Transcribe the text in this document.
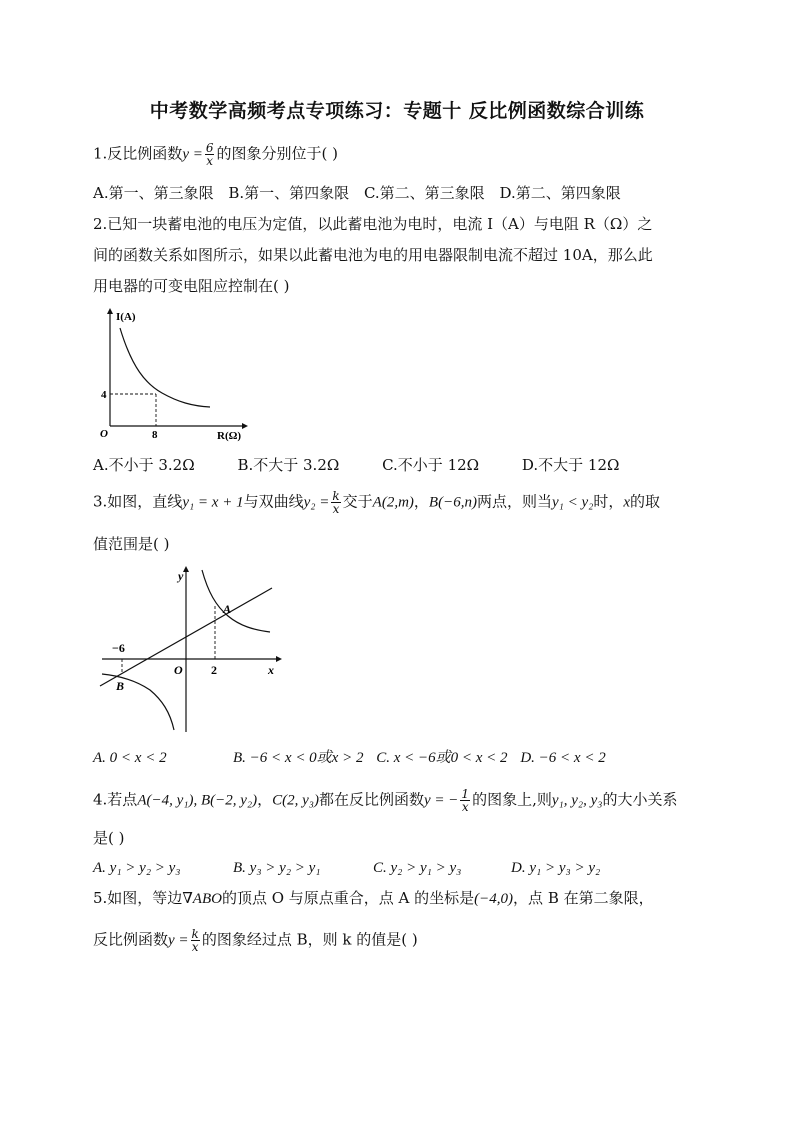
中考数学高频考点专项练习：专题十 反比例函数综合训练
1.反比例函数$y = \frac{6}{x}$ 的图象分别位于( )
A.第一、第三象限 B.第一、第四象限 C.第二、第三象限 D.第二、第四象限
2.已知一块蓄电池的电压为定值，以此蓄电池为电时，电流 I（A）与电阻 R（Ω）之
间的函数关系如图所示，如果以此蓄电池为电的用电器限制电流不超过 10A，那么此
用电器的可变电阻应控制在( )
I(A)
R(Ω)
O
4
8
A.不小于 3.2Ω	B.不大于 3.2Ω	C.不小于 12Ω	D.不大于 12Ω
3.如图，直线y₁ = x + 1与双曲线$y_2 = \frac{k}{x}$ 交于A(2,m)，B(−6,n)两点，则当y₁ < y₂时，x的取
值范围是( )
y
x
O
−6
2
A
B
A. 0 < x < 2	B. −6 < x < 0或x > 2 C. x < −6或0 < x < 2 D. −6 < x < 2
4.若点A(−4, y₁), B(−2, y₂)，C(2, y₃)都在反比例函数y = − $\frac{1}{x}$ 的图象上,则y₁, y₂, y₃的大小关系
是( )
A. y₁ > y₂ > y₃	B. y₃ > y₂ > y₁	C. y₂ > y₁ > y₃	D. y₁ > y₃ > y₂
5.如图，等边∇ABO的顶点 O 与原点重合，点 A 的坐标是(−4,0)，点 B 在第二象限，
反比例函数$y = \frac{k}{x}$ 的图象经过点 B，则 k 的值是( )
